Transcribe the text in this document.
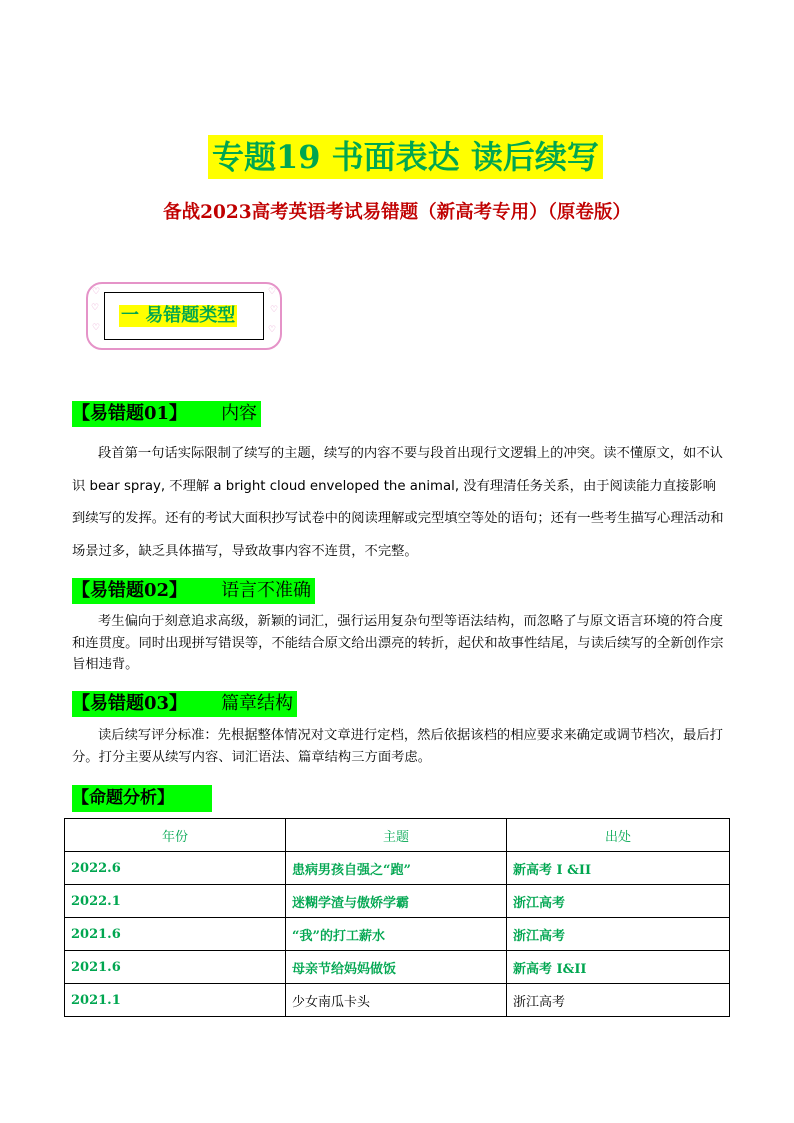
专题19 书面表达 读后续写
备战2023高考英语考试易错题（新高考专用）（原卷版）
♡
♡
♡
♡
♡
♡
一 易错题类型
【易错题01】 内容

段首第一句话实际限制了续写的主题，续写的内容不要与段首出现行文逻辑上的冲突。读不懂原文，如不认识 bear spray, 不理解 a bright cloud enveloped the animal, 没有理清任务关系，由于阅读能力直接影响到续写的发挥。还有的考试大面积抄写试卷中的阅读理解或完型填空等处的语句；还有一些考生描写心理活动和场景过多，缺乏具体描写，导致故事内容不连贯，不完整。

【易错题02】 语言不准确

考生偏向于刻意追求高级，新颖的词汇，强行运用复杂句型等语法结构，而忽略了与原文语言环境的符合度和连贯度。同时出现拼写错误等，不能结合原文给出漂亮的转折，起伏和故事性结尾，与读后续写的全新创作宗旨相违背。

【易错题03】 篇章结构

读后续写评分标准：先根据整体情况对文章进行定档，然后依据该档的相应要求来确定或调节档次，最后打分。打分主要从续写内容、词汇语法、篇章结构三方面考虑。

【命题分析】
年份	主题	出处
2022.6	患病男孩自强之“跑”	新高考 I &II
2022.1	迷糊学渣与傲娇学霸	浙江高考
2021.6	“我”的打工薪水	浙江高考
2021.6	母亲节给妈妈做饭	新高考 I&II
2021.1	少女南瓜卡头	浙江高考
